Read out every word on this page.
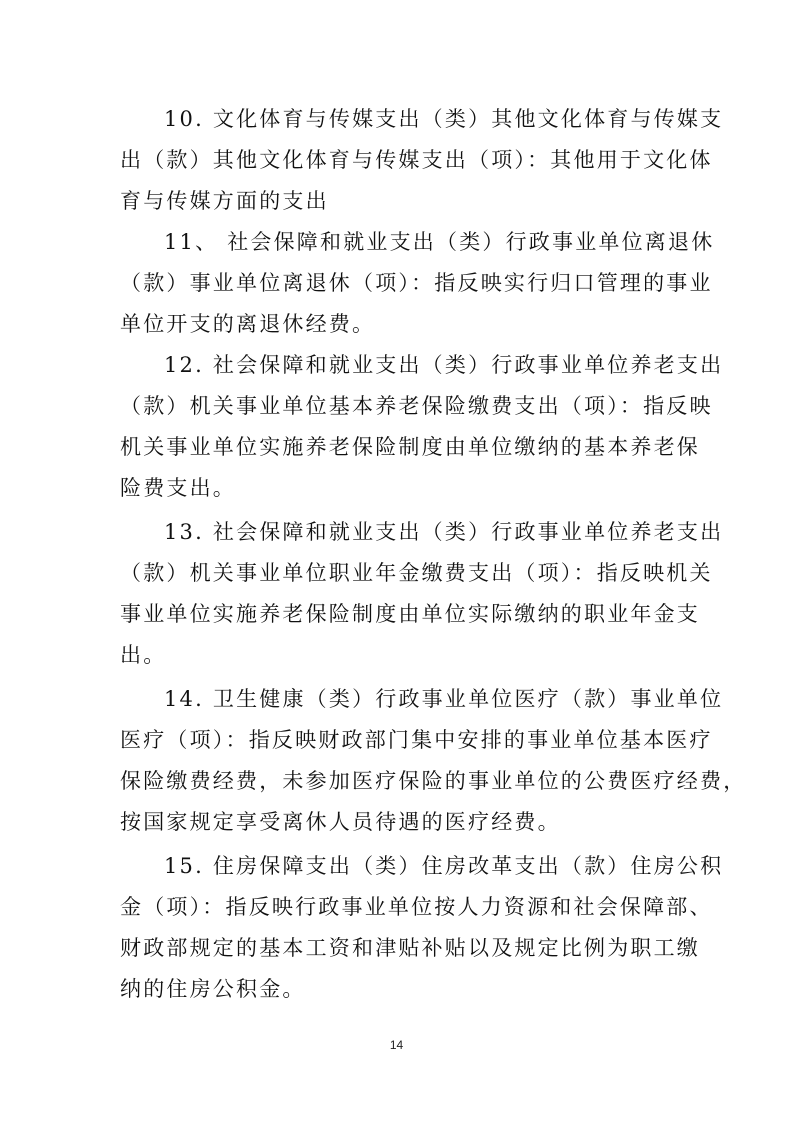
10. 文化体育与传媒支出（类）其他文化体育与传媒支
出（款）其他文化体育与传媒支出（项）：其他用于文化体
育与传媒方面的支出
11、 社会保障和就业支出（类）行政事业单位离退休
（款）事业单位离退休（项）：指反映实行归口管理的事业
单位开支的离退休经费。
12. 社会保障和就业支出（类）行政事业单位养老支出
（款）机关事业单位基本养老保险缴费支出（项）：指反映
机关事业单位实施养老保险制度由单位缴纳的基本养老保
险费支出。
13. 社会保障和就业支出（类）行政事业单位养老支出
（款）机关事业单位职业年金缴费支出（项）：指反映机关
事业单位实施养老保险制度由单位实际缴纳的职业年金支
出。
14. 卫生健康（类）行政事业单位医疗（款）事业单位
医疗（项）：指反映财政部门集中安排的事业单位基本医疗
保险缴费经费，未参加医疗保险的事业单位的公费医疗经费，
按国家规定享受离休人员待遇的医疗经费。
15. 住房保障支出（类）住房改革支出（款）住房公积
金（项）：指反映行政事业单位按人力资源和社会保障部、
财政部规定的基本工资和津贴补贴以及规定比例为职工缴
纳的住房公积金。
14
